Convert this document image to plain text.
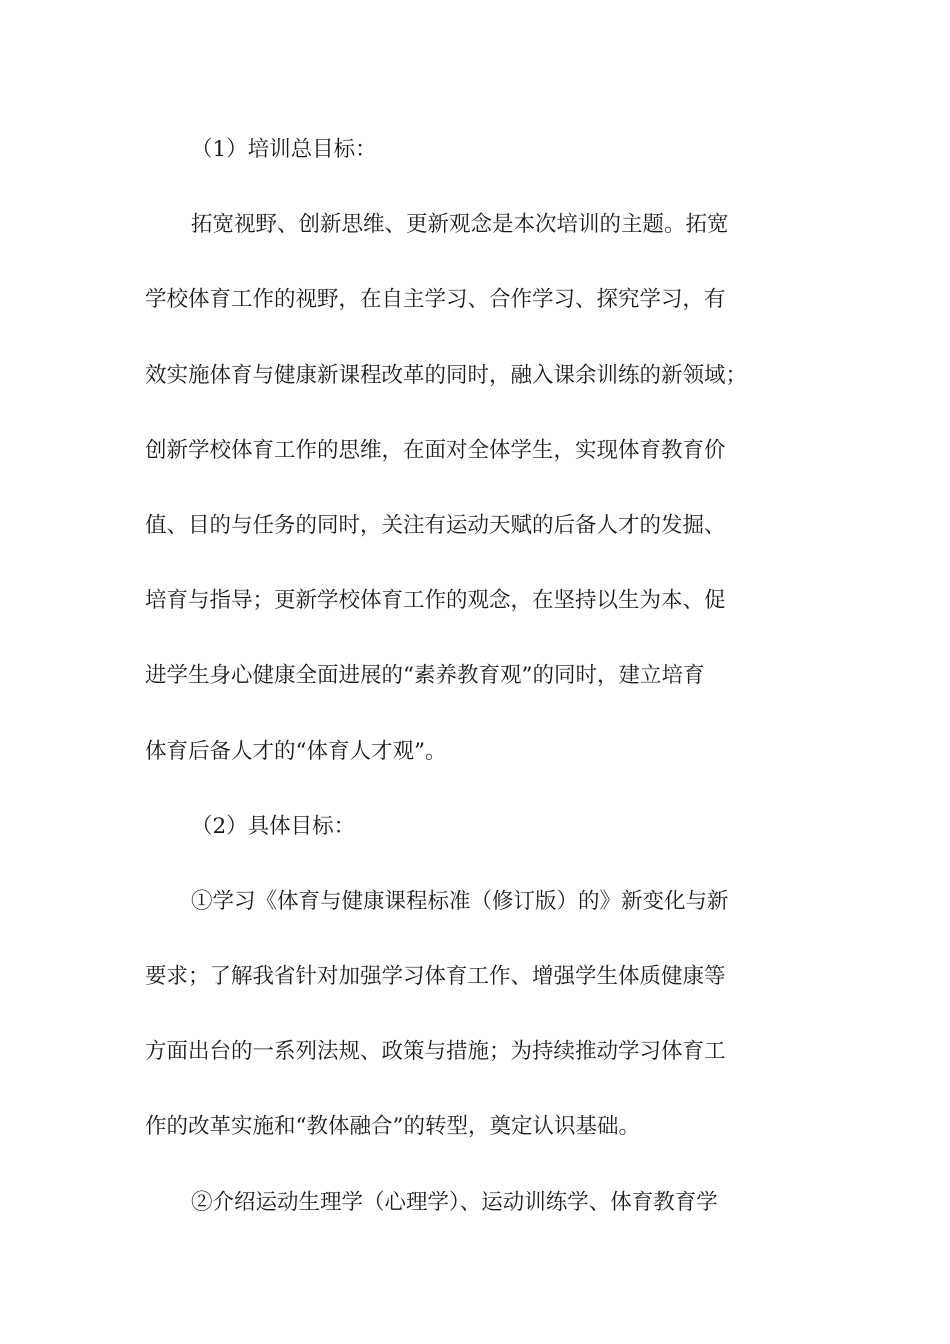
（1）培训总目标：
拓宽视野、创新思维、更新观念是本次培训的主题。拓宽
学校体育工作的视野，在自主学习、合作学习、探究学习，有
效实施体育与健康新课程改革的同时，融入课余训练的新领域；
创新学校体育工作的思维，在面对全体学生，实现体育教育价
值、目的与任务的同时，关注有运动天赋的后备人才的发掘、
培育与指导；更新学校体育工作的观念，在坚持以生为本、促
进学生身心健康全面进展的“素养教育观”的同时，建立培育
体育后备人才的“体育人才观”。
（2）具体目标：
①学习《体育与健康课程标准（修订版）的》新变化与新
要求；了解我省针对加强学习体育工作、增强学生体质健康等
方面出台的一系列法规、政策与措施；为持续推动学习体育工
作的改革实施和“教体融合”的转型，奠定认识基础。
②介绍运动生理学（心理学）、运动训练学、体育教育学
